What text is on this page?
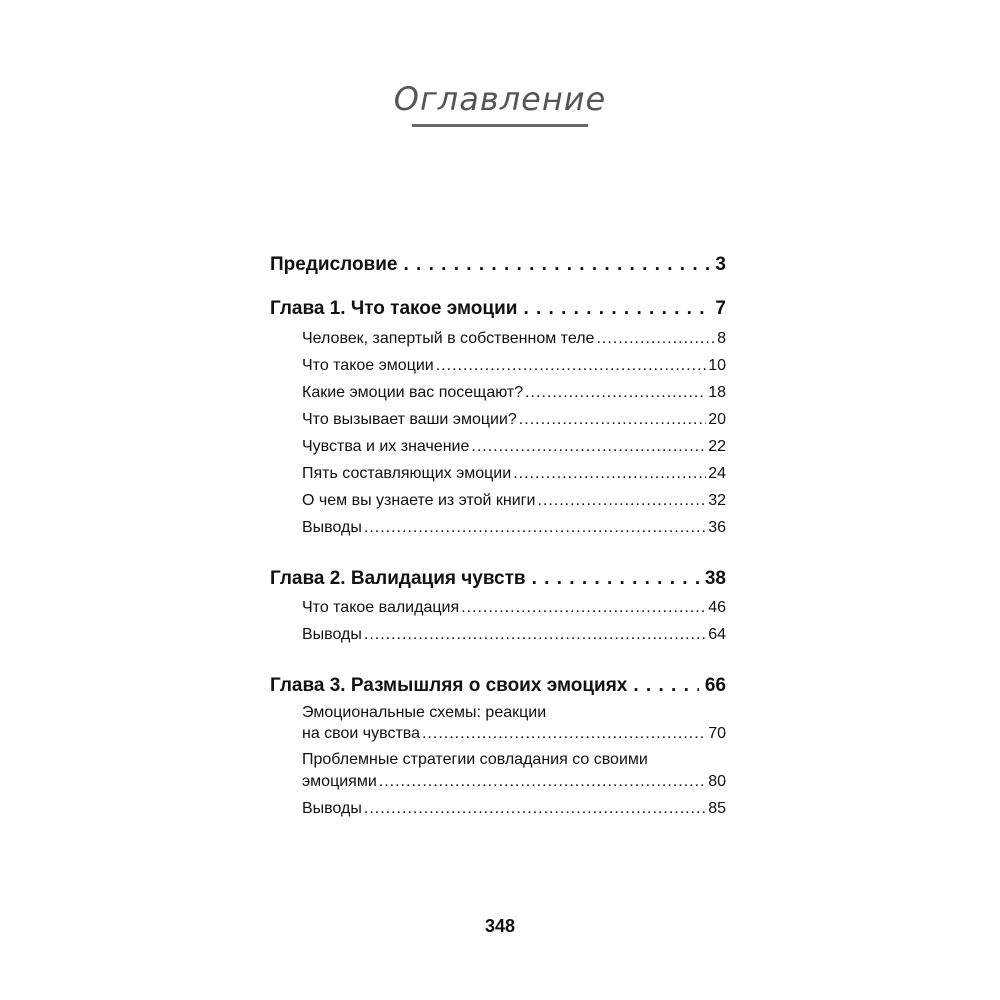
Оглавление
Предисловие . . .	3
Глава 1. Что такое эмоции . . .	7
Человек, запертый в собственном теле .....	8
Что такое эмоции .....	10
Какие эмоции вас посещают? .....	18
Что вызывает ваши эмоции? .....	20
Чувства и их значение .....	22
Пять составляющих эмоции .....	24
О чем вы узнаете из этой книги .....	32
Выводы .....	36
Глава 2. Валидация чувств . . .	38
Что такое валидация .....	46
Выводы .....	64
Глава 3. Размышляя о своих эмоциях . . .	66
Эмоциональные схемы: реакции
на свои чувства .....	70
Проблемные стратегии совладания со своими
эмоциями .....	80
Выводы .....	85
348
